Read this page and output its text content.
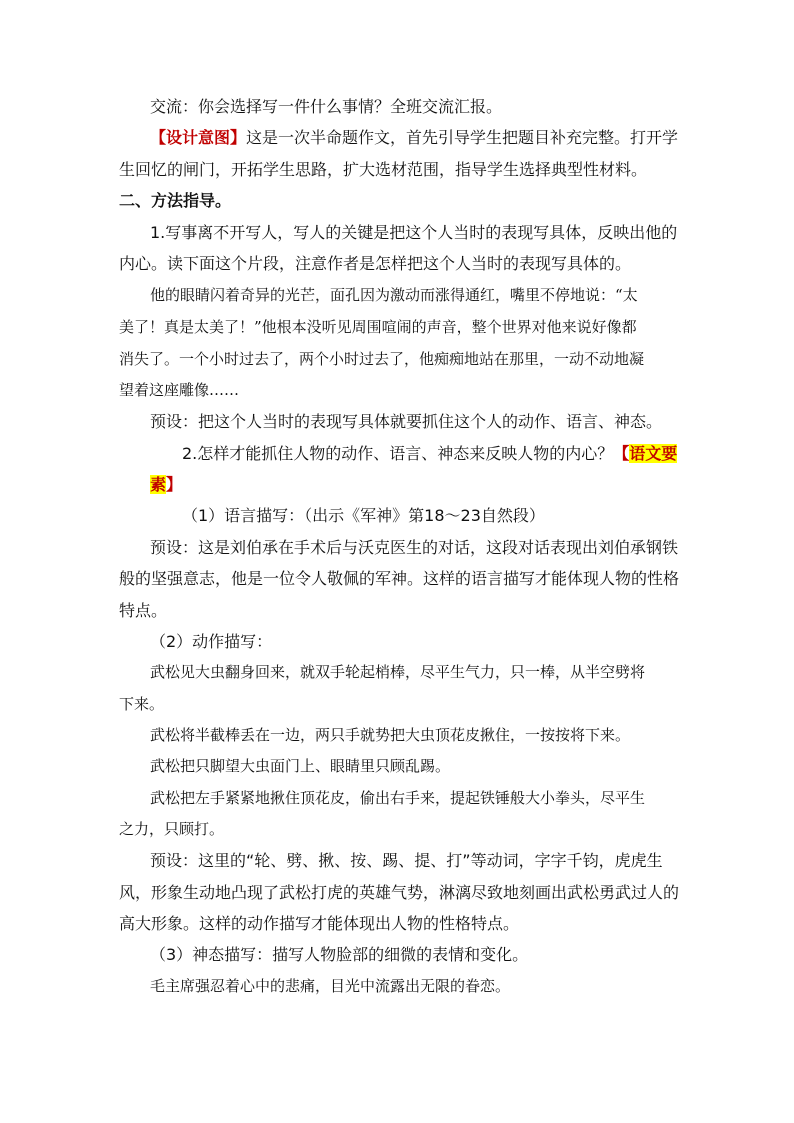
交流：你会选择写一件什么事情？全班交流汇报。
【设计意图】这是一次半命题作文，首先引导学生把题目补充完整。打开学
生回忆的闸门，开拓学生思路，扩大选材范围，指导学生选择典型性材料。
二、方法指导。
1.写事离不开写人，写人的关键是把这个人当时的表现写具体，反映出他的
内心。读下面这个片段，注意作者是怎样把这个人当时的表现写具体的。
他的眼睛闪着奇异的光芒，面孔因为激动而涨得通红，嘴里不停地说：“太
美了！真是太美了！”他根本没听见周围喧闹的声音，整个世界对他来说好像都
消失了。一个小时过去了，两个小时过去了，他痴痴地站在那里，一动不动地凝
望着这座雕像……
预设：把这个人当时的表现写具体就要抓住这个人的动作、语言、神态。
2.怎样才能抓住人物的动作、语言、神态来反映人物的内心？【语文要
素】
（1）语言描写：（出示《军神》第18～23自然段）
预设：这是刘伯承在手术后与沃克医生的对话，这段对话表现出刘伯承钢铁
般的坚强意志，他是一位令人敬佩的军神。这样的语言描写才能体现人物的性格
特点。
（2）动作描写：
武松见大虫翻身回来，就双手轮起梢棒，尽平生气力，只一棒，从半空劈将
下来。
武松将半截棒丢在一边，两只手就势把大虫顶花皮揪住，一按按将下来。
武松把只脚望大虫面门上、眼睛里只顾乱踢。
武松把左手紧紧地揪住顶花皮，偷出右手来，提起铁锤般大小拳头，尽平生
之力，只顾打。
预设：这里的“轮、劈、揪、按、踢、提、打”等动词，字字千钧，虎虎生
风，形象生动地凸现了武松打虎的英雄气势，淋漓尽致地刻画出武松勇武过人的
高大形象。这样的动作描写才能体现出人物的性格特点。
（3）神态描写：描写人物脸部的细微的表情和变化。
毛主席强忍着心中的悲痛，目光中流露出无限的眷恋。
